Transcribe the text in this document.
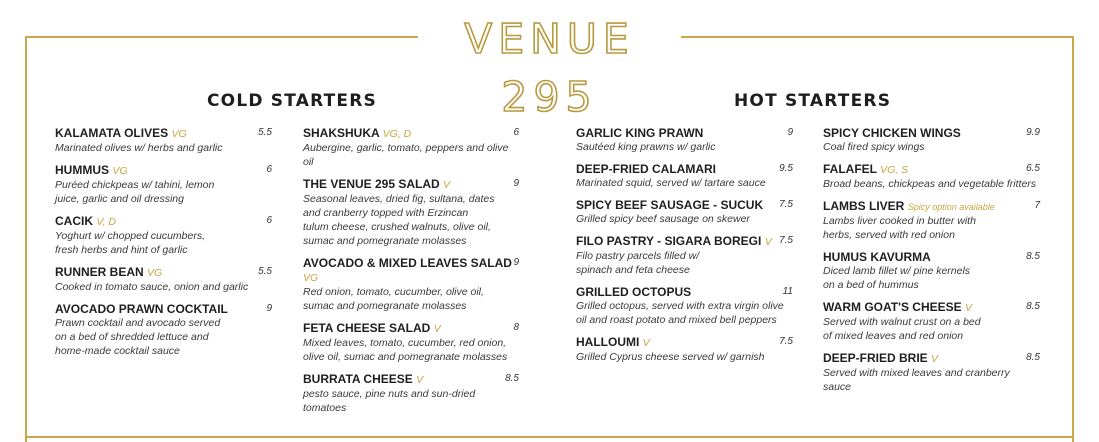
VENUE 295
COLD STARTERS	HOT STARTERS
5.5
KALAMATA OLIVES VG
Marinated olives w/ herbs and garlic
6
HUMMUS VG
Puréed chickpeas w/ tahini, lemon
juice, garlic and oil dressing
6
CACIK V, D
Yoghurt w/ chopped cucumbers,
fresh herbs and hint of garlic
5.5
RUNNER BEAN VG
Cooked in tomato sauce, onion and garlic
9
AVOCADO PRAWN COCKTAIL
Prawn cocktail and avocado served
on a bed of shredded lettuce and
home-made cocktail sauce
6
SHAKSHUKA VG, D
Aubergine, garlic, tomato, peppers and olive oil
9
THE VENUE 295 SALAD V
Seasonal leaves, dried fig, sultana, dates
and cranberry topped with Erzincan
tulum cheese, crushed walnuts, olive oil,
sumac and pomegranate molasses
9
AVOCADO & MIXED LEAVES SALAD VG
Red onion, tomato, cucumber, olive oil,
sumac and pomegranate molasses
8
FETA CHEESE SALAD V
Mixed leaves, tomato, cucumber, red onion,
olive oil, sumac and pomegranate molasses
8.5
BURRATA CHEESE V
pesto sauce, pine nuts and sun-dried tomatoes
9
GARLIC KING PRAWN
Sautéed king prawns w/ garlic
9.5
DEEP-FRIED CALAMARI
Marinated squid, served w/ tartare sauce
7.5
SPICY BEEF SAUSAGE - SUCUK
Grilled spicy beef sausage on skewer
7.5
FILO PASTRY - SIGARA BOREGI V
Filo pastry parcels filled w/
spinach and feta cheese
11
GRILLED OCTOPUS
Grilled octopus, served with extra virgin olive
oil and roast potato and mixed bell peppers
7.5
HALLOUMI V
Grilled Cyprus cheese served w/ garnish
9.9
SPICY CHICKEN WINGS
Coal fired spicy wings
6.5
FALAFEL VG, S
Broad beans, chickpeas and vegetable fritters
7
LAMBS LIVER Spicy option available
Lambs liver cooked in butter with
herbs, served with red onion
8.5
HUMUS KAVURMA
Diced lamb fillet w/ pine kernels
on a bed of hummus
8.5
WARM GOAT'S CHEESE V
Served with walnut crust on a bed
of mixed leaves and red onion
8.5
DEEP-FRIED BRIE V
Served with mixed leaves and cranberry sauce
